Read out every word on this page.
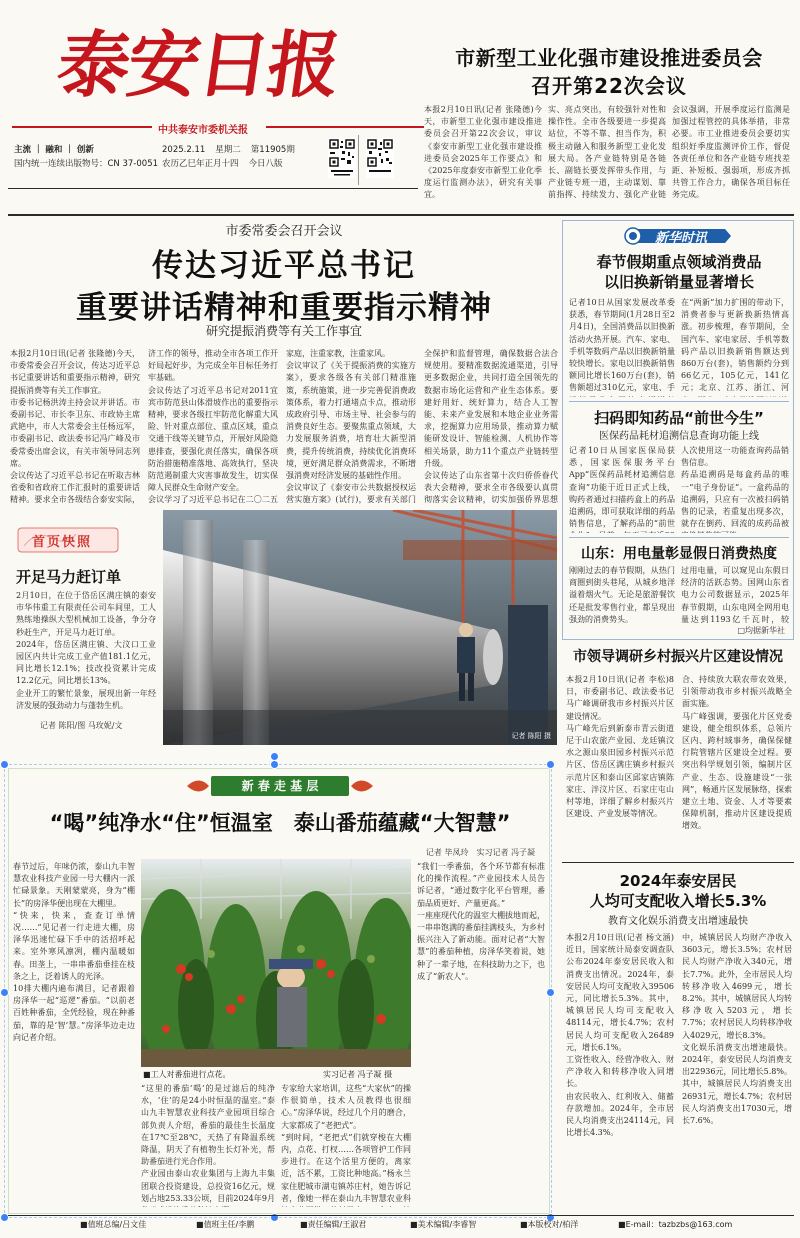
泰安日报
中共泰安市委机关报
主流 ｜ 融和 ｜ 创新
国内统一连续出版物号：CN 37-0051
2025.2.11 星期二 第11905期
农历乙巳年正月十四 今日八版
市新型工业化强市建设推进委员会
召开第22次会议
本报2月10日讯(记者 张隆德)今天，市新型工业化强市建设推进委员会召开第22次会议，审议《泰安市新型工业化强市建设推进委员会2025年工作要点》和《2025年度泰安市新型工业化季度运行监测办法》，研究有关事宜。

实、亮点突出，有较强针对性和操作性。全市各级要进一步提高站位，不等不靠、担当作为，积极主动融入和服务新型工业化发展大局。各产业链特别是各链长、副链长要发挥带头作用，与产业链专班一道，主动谋划、靠前指挥、持续发力、强化产业链

会议强调，开展季度运行监测是加强过程管控的具体举措，非常必要。市工业推进委员会要切实组织好季度监测评价工作，督促各责任单位和各产业链专班找差距、补短板、强弱项，形成齐抓共管工作合力，确保各项目标任务完成。

市委常委会召开会议
传达习近平总书记
重要讲话精神和重要指示精神
研究提振消费等有关工作事宜
本报2月10日讯(记者 张隆德)今天，市委常委会召开会议，传达习近平总书记重要讲话和重要指示精神，研究提振消费等有关工作事宜。
市委书记杨洪涛主持会议并讲话。市委副书记、市长李卫东、市政协主席武艳中，市人大常委会主任杨远军，市委副书记、政法委书记冯广峰及市委常委出席会议，有关市领导同志列席。
会议传达了习近平总书记在听取吉林省委和省政府工作汇报时的重要讲话精神。要求全市各级结合泰安实际，
济工作的领导，推动全市各项工作开好局起好步，为完成全年目标任务打牢基础。
会议传达了习近平总书记对2011宜宾市防范县山体滑坡作出的重要指示精神，要求各级扛牢防范化解重大风险、针对重点部位、重点区域，重点交通干线等关键节点，开展好风险隐患排查，要强化责任落实，确保各项防治措施精准落地、高效执行，坚决防范遏制重大灾害事故发生，切实保障人民群众生命财产安全。
会议学习了习近平总书记在二〇二五
家庭，注重家教，注重家风。
会议审议了《关于提振消费的实施方案》，要求各级各有关部门精准施策，系统施策，进一步完善促消费政策体系，着力打通堵点卡点，推动形成政府引导、市场主导、社会参与的消费良好生态。要聚焦重点领域，大力发展服务消费，培育壮大新型消费，提升传统消费，持续优化消费环境，更好满足群众消费需求，不断增强消费对经济发展的基础性作用。
会议审议了《泰安市公共数据授权运营实施方案》(试行)，要求有关部门
全保护和监督管理，确保数据合法合规使用。要精准数据流通渠道，引导更多数据企业，共同打造全国领先的数据市场化运营和产业生态体系。要建好用好、统好算力，结合人工智能、未来产业发展和本地企业业务需求，挖掘算力应用场景，推动算力赋能研发设计、智能检测、人机协作等相关场景，助力11个重点产业链转型升级。
会议传达了山东省第十次归侨侨眷代表大会精神，要求全市各级要认真贯彻落实会议精神，切实加强侨界思想

首页快照
开足马力赶订单
2月10日，在位于岱岳区满庄镇的泰安市华伟重工有限责任公司车间里，工人熟练地操纵大型机械加工设备，争分夺秒赶生产，开足马力赶订单。
2024年，岱岳区满庄镇、大汶口工业园区内共计完成工业产值181.1亿元，同比增长12.1%；技改投资累计完成12.2亿元，同比增长13%。
企业开工的繁忙景象，展现出新一年经济发展的强劲动力与蓬勃生机。
记者 陈阳/图 马玫妮/文
记者 陈阳 摄
新华时讯
春节假期重点领域消费品
以旧换新销量显著增长
记者10日从国家发展改革委获悉，春节期间(1月28日至2月4日)，全国消费品以旧换新活动火热开展。汽车、家电、手机等数码产品以旧换新销量较快增长。家电以旧换新销售额同比增长160万台(套)，销售额超过310亿元，家电、手
在“两新”加力扩围的带动下，消费者参与更新换新热情高涨。初步梳理，春节期间，全国汽车、家电家居、手机等数码产品以旧换新销售额达到860万台(套)，销售额约分到66亿元，105亿元，141亿元；北京、江苏、浙江、河
扫码即知药品“前世今生”
医保药品耗材追溯信息查询功能上线
记者10日从国家医保局获悉，国家医保服务平台App“医保药品耗材追溯信息查询”功能于近日正式上线，购药者通过扫描药盒上的药品追溯码，即可获取详细的药品销售信息，了解药品的“前世
人次使用这一功能查询药品销售信息。
药品追溯码是每盒药品的唯一“电子身份证”。一盒药品的追溯码，只应有一次被扫码销售的记录，若重复出现多次，就存在倒药、回流的成药品被
山东：用电量彰显假日消费热度
刚刚过去的春节假期，从热门商圈到街头巷尾，从城乡地洋溢着烟火气。无论是旅游餐饮还是批发零售行业，都呈现出强劲的消费势头。

过用电量，可以窥见山东假日经济的活跃态势。国网山东省电力公司数据显示，2025年春节假期，山东电网全网用电量达到1193亿千瓦时，较
□均据新华社
市领导调研乡村振兴片区建设情况
本报2月10日讯(记者 李松)8日，市委副书记、政法委书记马广峰调研我市乡村振兴片区建设情况。
马广峰先后到新泰市青云街道尼于山农旅产业园、龙廷镇汶水之源山泉田园乡村振兴示范片区、岱岳区满庄镇乡村振兴示范片区和泰山区邱家店镇陈家庄、泮汶片区、石家庄屯山村等地，详细了解乡村振兴片区建设、产业发展等情况。
合、持续放大联农带农效果，引领带动我市乡村振兴战略全面实施。
马广峰强调，要强化片区党委建设，健全组织体系，总领片区内、跨村域事务，确保保健行院管辖片区建设全过程。要突出科学规划引领，编制片区产业、生态、设施建设“一张网”，畅通片区发展脉络，探索建立土地、资金、人才等要素保障机制，推动片区建设提质增效。
2024年泰安居民
人均可支配收入增长5.3%
教育文化娱乐消费支出增速最快
本报2月10日讯(记者 杨文涵)近日，国家统计局泰安调查队公布2024年泰安居民收入和消费支出情况。2024年，泰安居民人均可支配收入39506元，同比增长5.3%。其中，城镇居民人均可支配收入48114元，增长4.7%；农村居民人均可支配收入26489元，增长6.1%。
工资性收入、经营净收入、财产净收入和转移净收入同增长。
由农民收入、红利收入、储蓄存款增加。2024年，全市居民人均消费支出24114元，同比增长4.3%。
中，城镇居民人均财产净收入3603元，增长3.5%；农村居民人均财产净收入340元，增长7.7%。此外，全市居民人均转移净收入4699元，增长8.2%。其中，城镇居民人均转移净收入5203元，增长7.7%；农村居民人均转移净收入4029元，增长8.3%。
文化娱乐消费支出增速最快。2024年，泰安居民人均消费支出22936元，同比增长5.8%。其中，城镇居民人均消费支出26931元，增长4.7%；农村居民人均消费支出17030元，增长7.6%。
新 春 走 基 层
“喝”纯净水“住”恒温室　泰山番茄蕴藏“大智慧”
记者 毕凤玲　实习记者 冯子凝
春节过后，年味仍浓，泰山九丰智慧农业科技产业园一号大棚内一派忙碌景象。天刚蒙蒙亮，身为“棚长”的房泽华便出现在大棚里。
“快来，快来，查查订单情况……”见记者一行走进大棚，房泽华迅速忙碌下手中的活招呼起来。室外寒风凛冽，棚内温暖如春。田垄上，一串串番茄垂挂在枝条之上，泛着诱人的光泽。
10排大棚内遍布满目，记者跟着房泽华一起“巡逻”番茄。“以前老百姓种番茄，全凭经验，现在种番茄，靠的是‘智’慧。”房泽华边走边向记者介绍。
■工人对番茄进行点花。	实习记者 冯子凝 摄
“这里的番茄‘喝’的是过滤后的纯净水，‘住’的是24小时恒温的温室。”泰山九丰智慧农业科技产业园项目综合部负责人介绍，番茄的最佳生长温度在17℃至28℃，天热了有降温系统降温，阴天了有植物生长灯补光，帮助番茄进行光合作用。
产业园由泰山农业集团与上海九丰集团联合投资建设，总投资16亿元，规划占地253.33公顷，目前2024年9月
专家给大家培训，这些“大家伙”的操作很简单，技术人员教得也很细心。”房泽华说，经过几个月的磨合，大家都成了“老把式”。
“到时间，“老把式”们就穿梭在大棚内，点花、打杈……各项管护工作同步进行。在这个活里方便的，离家近，活不累，工资比种地高。”杨永兰家住肥城市湖屯镇苏庄村，她告诉记者，像她一样在泰山九丰智慧农业科
“我们一季番茄，各个环节都有标准化的操作流程。”产业园技术人员告诉记者，“通过数字化平台管理，番茄品质更好、产量更高。”
一座座现代化的温室大棚拔地而起，一串串饱满的番茄挂满枝头，为乡村振兴注入了新动能。面对记者“大智慧”的番茄种植，房泽华笑着说，她种了一辈子地，在科技助力之下，也成了“新农人”。
■值班总编/吕文佳	■值班主任/李鹏	■责任编辑/王淑君	■美术编辑/李睿智	■本版校对/柏洋	■E-mail：tazbzbs@163.com
